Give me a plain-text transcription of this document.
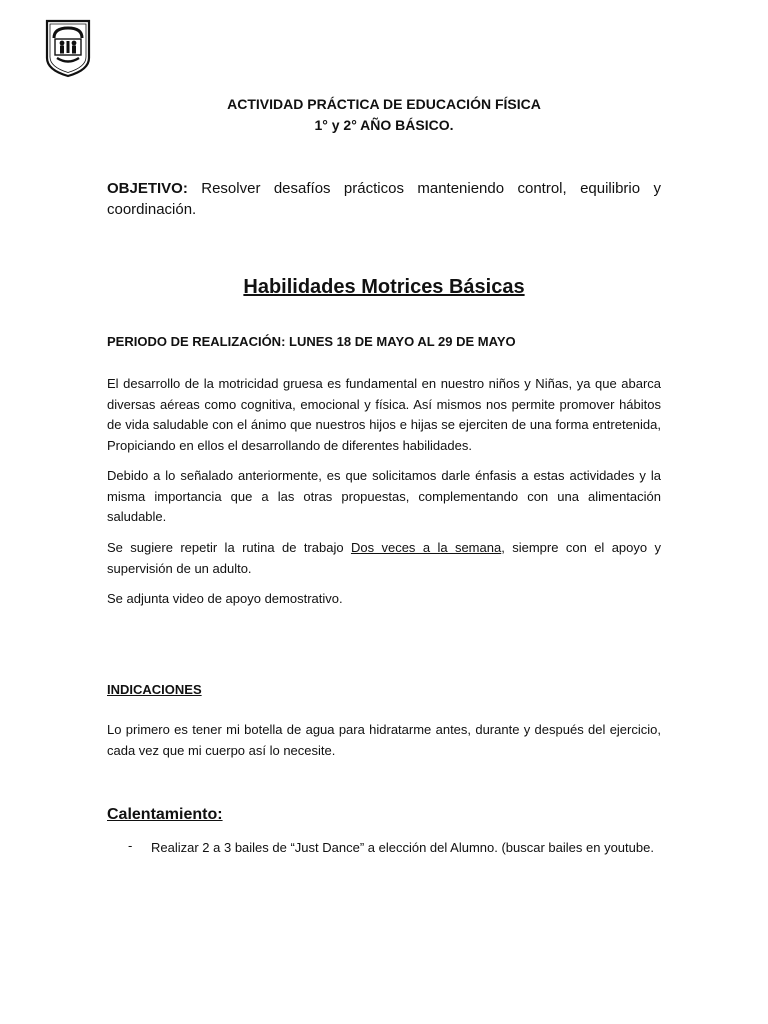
ACTIVIDAD PRÁCTICA DE EDUCACIÓN FÍSICA
1° y 2° AÑO BÁSICO.
OBJETIVO: Resolver desafíos prácticos manteniendo control, equilibrio y coordinación.
Habilidades Motrices Básicas
PERIODO DE REALIZACIÓN: LUNES 18 DE MAYO AL 29 DE MAYO
El desarrollo de la motricidad gruesa es fundamental en nuestro niños y Niñas, ya que abarca diversas aéreas como cognitiva, emocional y física. Así mismos nos permite promover hábitos de vida saludable con el ánimo que nuestros hijos e hijas se ejerciten de una forma entretenida, Propiciando en ellos el desarrollando de diferentes habilidades.
Debido a lo señalado anteriormente, es que solicitamos darle énfasis a estas actividades y la misma importancia que a las otras propuestas, complementando con una alimentación saludable.
Se sugiere repetir la rutina de trabajo Dos veces a la semana, siempre con el apoyo y supervisión de un adulto.
Se adjunta video de apoyo demostrativo.
INDICACIONES
Lo primero es tener mi botella de agua para hidratarme antes, durante y después del ejercicio, cada vez que mi cuerpo así lo necesite.
Calentamiento:
- Realizar 2 a 3 bailes de “Just Dance” a elección del Alumno. (buscar bailes en youtube.
